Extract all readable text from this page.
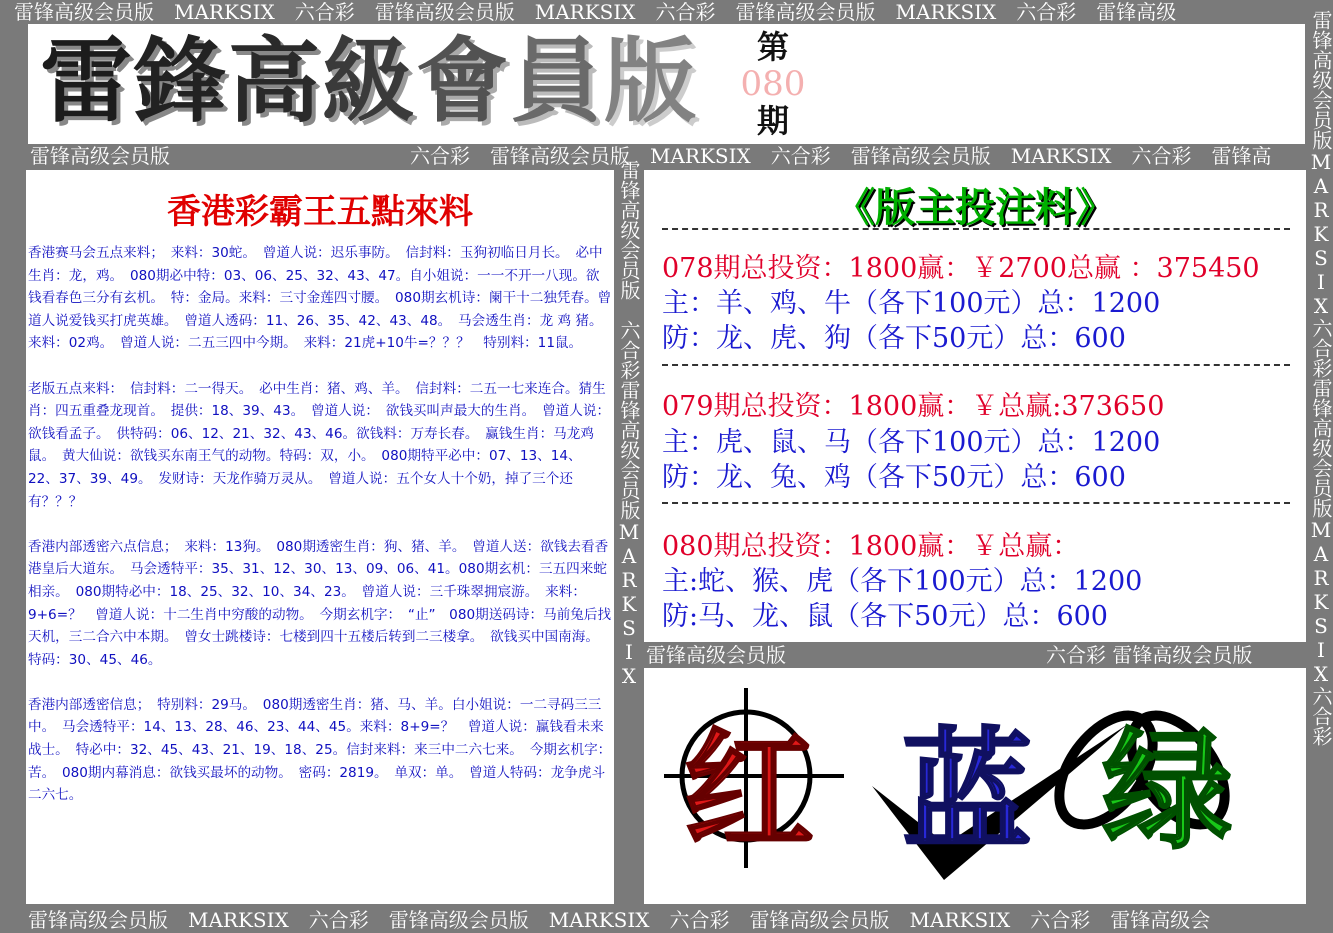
雷锋高级会员版　MARKSIX　六合彩　雷锋高级会员版　MARKSIX　六合彩　雷锋高级会员版　MARKSIX　六合彩　雷锋高级
雷锋高级会员版　　　　　　　　　　　　六合彩　雷锋高级会员版　MARKSIX　六合彩　雷锋高级会员版　MARKSIX　六合彩　雷锋高
雷锋高级会员版　MARKSIX　六合彩　雷锋高级会员版　MARKSIX　六合彩　雷锋高级会员版　MARKSIX　六合彩　雷锋高级会
雷锋高级会员版MARKSIX六合彩雷锋高级会员版MARKSIX六合彩
雷锋高级会员版　六合彩雷锋高级会员版MARKSIX
雷 鋒 高 級 會 員 版	第
080
期
香港彩霸王五點來料

香港赛马会五点来料；　来料：30蛇。　曾道人说：迟乐事防。　信封料：玉狗初临日月长。　必中生肖：龙，鸡。　080期必中特：03、06、25、32、43、47。自小姐说：一一不开一八现。欲钱看春色三分有玄机。　特：金局。来料：三寸金莲四寸腰。　080期玄机诗：阑干十二独凭春。曾道人说爱钱买打虎英雄。　曾道人透码：11、26、35、42、43、48。　马会透生肖：龙 鸡 猪。　来料：02鸡。　曾道人说：二五三四中今期。　来料：21虎+10牛=？？？　特别料：11鼠。

老版五点来料：　信封料：二一得天。　必中生肖：猪、鸡、羊。　信封料：二五一七来连合。猜生肖：四五重叠龙现首。　提供：18、39、43。　曾道人说：　欲钱买叫声最大的生肖。　曾道人说：欲钱看孟子。　供特码：06、12、21、32、43、46。欲钱料：万寿长春。　赢钱生肖：马龙鸡鼠。　黄大仙说：欲钱买东南王气的动物。特码：双，小。　080期特平必中：07、13、14、22、37、39、49。　发财诗：天龙作骑万灵从。　曾道人说：五个女人十个奶，掉了三个还有？？？

香港内部透密六点信息；　来料：13狗。　080期透密生肖：狗、猪、羊。　曾道人送：欲钱去看香港皇后大道东。　马会透特平：35、31、12、30、13、09、06、41。080期玄机：三五四来蛇相亲。　080期特必中：18、25、32、10、34、23。　曾道人说：三千珠翠拥宸游。　来料：9+6=？　曾道人说：十二生肖中穷酸的动物。　今期玄机字：　“止”　080期送码诗：马前兔后找天机，三二合六中本期。　曾女士跳楼诗：七楼到四十五楼后转到二三楼拿。　欲钱买中国南海。　特码：30、45、46。

香港内部透密信息；　特别料：29马。　080期透密生肖：猪、马、羊。白小姐说：一二寻码三三中。　马会透特平：14、13、28、46、23、44、45。来料：8+9=？　曾道人说：赢钱看未来战士。　特必中：32、45、43、21、19、18、25。信封来料：来三中二六七来。　今期玄机字：苦。　080期内幕消息：欲钱买最坏的动物。　密码：2819。　单双：单。　曾道人特码：龙争虎斗二六七。

《版主投注料》
078期总投资：1800赢：￥2700总赢 ：375450
主：羊、鸡、牛（各下100元）总：1200
防：龙、虎、狗（各下50元）总：600
079期总投资：1800赢：￥总赢:373650
主：虎、鼠、马（各下100元）总：1200
防：龙、兔、鸡（各下50元）总：600
080期总投资：1800赢：￥总赢：
主:蛇、猴、虎（各下100元）总：1200
防:马、龙、鼠（各下50元）总：600
雷锋高级会员版　　　　　　　　　　　　　六合彩 雷锋高级会员版
红 蓝 绿
